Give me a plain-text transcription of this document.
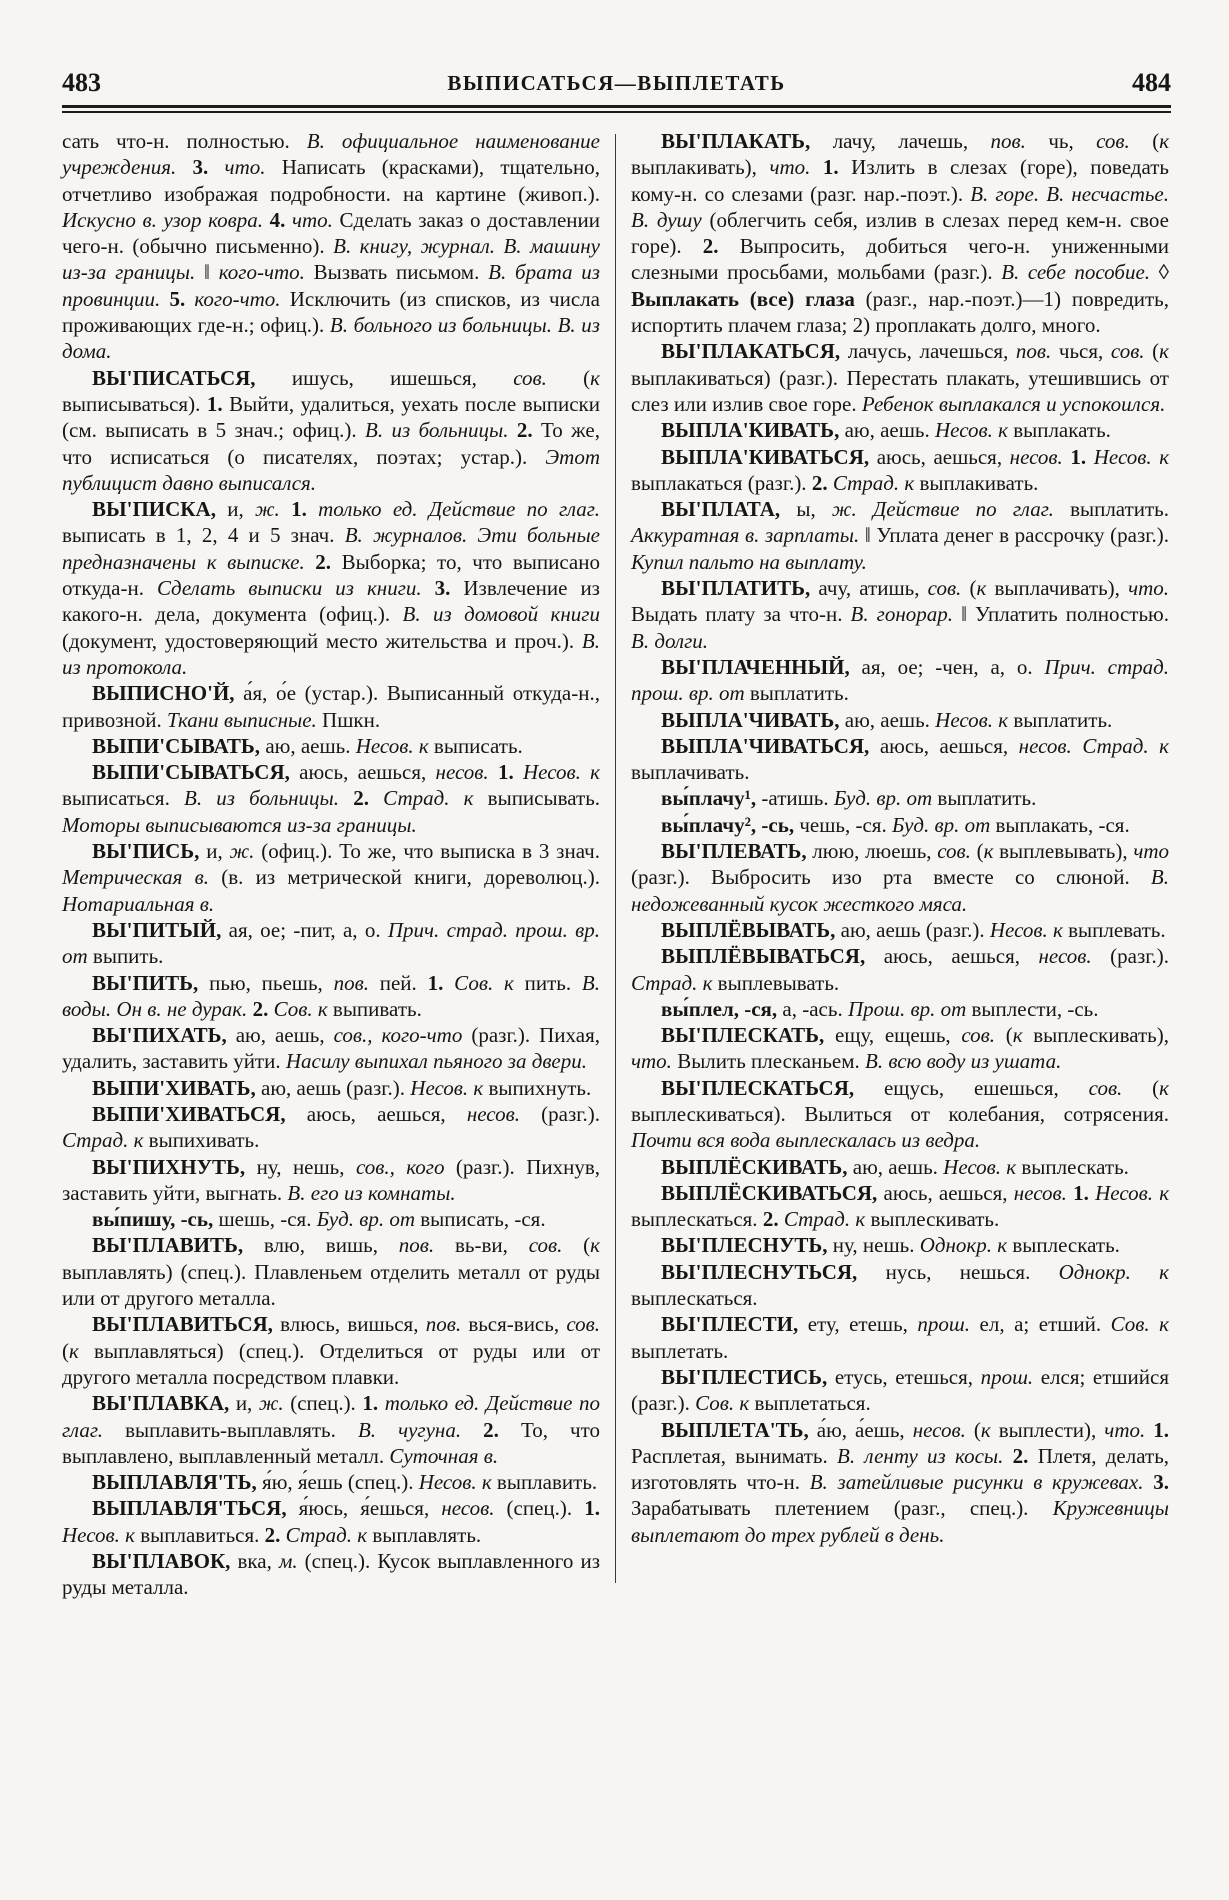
483	ВЫПИСАТЬСЯ—ВЫПЛЕТАТЬ	484

сать что-н. полностью. В. официальное наименование учреждения. 3. что. Написать (красками), тщательно, отчетливо изображая подробности. на картине (живоп.). Искусно в. узор ковра. 4. что. Сделать заказ о доставлении чего-н. (обычно письменно). В. книгу, журнал. В. машину из-за границы. ‖ кого-что. Вызвать письмом. В. брата из провинции. 5. кого-что. Исключить (из списков, из числа проживающих где-н.; офиц.). В. больного из больницы. В. из дома.

ВЫ'ПИСАТЬСЯ, ишусь, ишешься, сов. (к выписываться). 1. Выйти, удалиться, уехать после выписки (см. выписать в 5 знач.; офиц.). В. из больницы. 2. То же, что исписаться (о писателях, поэтах; устар.). Этот публицист давно выписался.

ВЫ'ПИСКА, и, ж. 1. только ед. Действие по глаг. выписать в 1, 2, 4 и 5 знач. В. журналов. Эти больные предназначены к выписке. 2. Выборка; то, что выписано откуда-н. Сделать выписки из книги. 3. Извлечение из какого-н. дела, документа (офиц.). В. из домовой книги (документ, удостоверяющий место жительства и проч.). В. из протокола.

ВЫПИСНО'Й, а́я, о́е (устар.). Выписанный откуда-н., привозной. Ткани выписные. Пшкн.

ВЫПИ'СЫВАТЬ, аю, аешь. Несов. к выписать.

ВЫПИ'СЫВАТЬСЯ, аюсь, аешься, несов. 1. Несов. к выписаться. В. из больницы. 2. Страд. к выписывать. Моторы выписываются из-за границы.

ВЫ'ПИСЬ, и, ж. (офиц.). То же, что выписка в 3 знач. Метрическая в. (в. из метрической книги, дореволюц.). Нотариальная в.

ВЫ'ПИТЫЙ, ая, ое; -пит, а, о. Прич. страд. прош. вр. от выпить.

ВЫ'ПИТЬ, пью, пьешь, пов. пей. 1. Сов. к пить. В. воды. Он в. не дурак. 2. Сов. к выпивать.

ВЫ'ПИХАТЬ, аю, аешь, сов., кого-что (разг.). Пихая, удалить, заставить уйти. Насилу выпихал пьяного за двери.

ВЫПИ'ХИВАТЬ, аю, аешь (разг.). Несов. к выпихнуть.

ВЫПИ'ХИВАТЬСЯ, аюсь, аешься, несов. (разг.). Страд. к выпихивать.

ВЫ'ПИХНУТЬ, ну, нешь, сов., кого (разг.). Пихнув, заставить уйти, выгнать. В. его из комнаты.

вы́пишу, -сь, шешь, -ся. Буд. вр. от выписать, -ся.

ВЫ'ПЛАВИТЬ, влю, вишь, пов. вь-ви, сов. (к выплавлять) (спец.). Плавленьем отделить металл от руды или от другого металла.

ВЫ'ПЛАВИТЬСЯ, влюсь, вишься, пов. вься-вись, сов. (к выплавляться) (спец.). Отделиться от руды или от другого металла посредством плавки.

ВЫ'ПЛАВКА, и, ж. (спец.). 1. только ед. Действие по глаг. выплавить-выплавлять. В. чугуна. 2. То, что выплавлено, выплавленный металл. Суточная в.

ВЫПЛАВЛЯ'ТЬ, я́ю, я́ешь (спец.). Несов. к выплавить.

ВЫПЛАВЛЯ'ТЬСЯ, я́юсь, я́ешься, несов. (спец.). 1. Несов. к выплавиться. 2. Страд. к выплавлять.

ВЫ'ПЛАВОК, вка, м. (спец.). Кусок выплавленного из руды металла.

ВЫ'ПЛАКАТЬ, лачу, лачешь, пов. чь, сов. (к выплакивать), что. 1. Излить в слезах (горе), поведать кому-н. со слезами (разг. нар.-поэт.). В. горе. В. несчастье. В. душу (облегчить себя, излив в слезах перед кем-н. свое горе). 2. Выпросить, добиться чего-н. униженными слезными просьбами, мольбами (разг.). В. себе пособие. ◊ Выплакать (все) глаза (разг., нар.-поэт.)—1) повредить, испортить плачем глаза; 2) проплакать долго, много.

ВЫ'ПЛАКАТЬСЯ, лачусь, лачешься, пов. чься, сов. (к выплакиваться) (разг.). Перестать плакать, утешившись от слез или излив свое горе. Ребенок выплакался и успокоился.

ВЫПЛА'КИВАТЬ, аю, аешь. Несов. к выплакать.

ВЫПЛА'КИВАТЬСЯ, аюсь, аешься, несов. 1. Несов. к выплакаться (разг.). 2. Страд. к выплакивать.

ВЫ'ПЛАТА, ы, ж. Действие по глаг. выплатить. Аккуратная в. зарплаты. ‖ Уплата денег в рассрочку (разг.). Купил пальто на выплату.

ВЫ'ПЛАТИТЬ, ачу, атишь, сов. (к выплачивать), что. Выдать плату за что-н. В. гонорар. ‖ Уплатить полностью. В. долги.

ВЫ'ПЛАЧЕННЫЙ, ая, ое; -чен, а, о. Прич. страд. прош. вр. от выплатить.

ВЫПЛА'ЧИВАТЬ, аю, аешь. Несов. к выплатить.

ВЫПЛА'ЧИВАТЬСЯ, аюсь, аешься, несов. Страд. к выплачивать.

вы́плачу¹, -атишь. Буд. вр. от выплатить.

вы́плачу², -сь, чешь, -ся. Буд. вр. от выплакать, -ся.

ВЫ'ПЛЕВАТЬ, люю, люешь, сов. (к выплевывать), что (разг.). Выбросить изо рта вместе со слюной. В. недожеванный кусок жесткого мяса.

ВЫПЛЁВЫВАТЬ, аю, аешь (разг.). Несов. к выплевать.

ВЫПЛЁВЫВАТЬСЯ, аюсь, аешься, несов. (разг.). Страд. к выплевывать.

вы́плел, -ся, а, -ась. Прош. вр. от выплести, -сь.

ВЫ'ПЛЕСКАТЬ, ещу, ещешь, сов. (к выплескивать), что. Вылить плесканьем. В. всю воду из ушата.

ВЫ'ПЛЕСКАТЬСЯ, ещусь, ешешься, сов. (к выплескиваться). Вылиться от колебания, сотрясения. Почти вся вода выплескалась из ведра.

ВЫПЛЁСКИВАТЬ, аю, аешь. Несов. к выплескать.

ВЫПЛЁСКИВАТЬСЯ, аюсь, аешься, несов. 1. Несов. к выплескаться. 2. Страд. к выплескивать.

ВЫ'ПЛЕСНУТЬ, ну, нешь. Однокр. к выплескать.

ВЫ'ПЛЕСНУТЬСЯ, нусь, нешься. Однокр. к выплескаться.

ВЫ'ПЛЕСТИ, ету, етешь, прош. ел, а; етший. Сов. к выплетать.

ВЫ'ПЛЕСТИСЬ, етусь, етешься, прош. елся; етшийся (разг.). Сов. к выплетаться.

ВЫПЛЕТА'ТЬ, а́ю, а́ешь, несов. (к выплести), что. 1. Расплетая, вынимать. В. ленту из косы. 2. Плетя, делать, изготовлять что-н. В. затейливые рисунки в кружевах. 3. Зарабатывать плетением (разг., спец.). Кружевницы выплетают до трех рублей в день.
